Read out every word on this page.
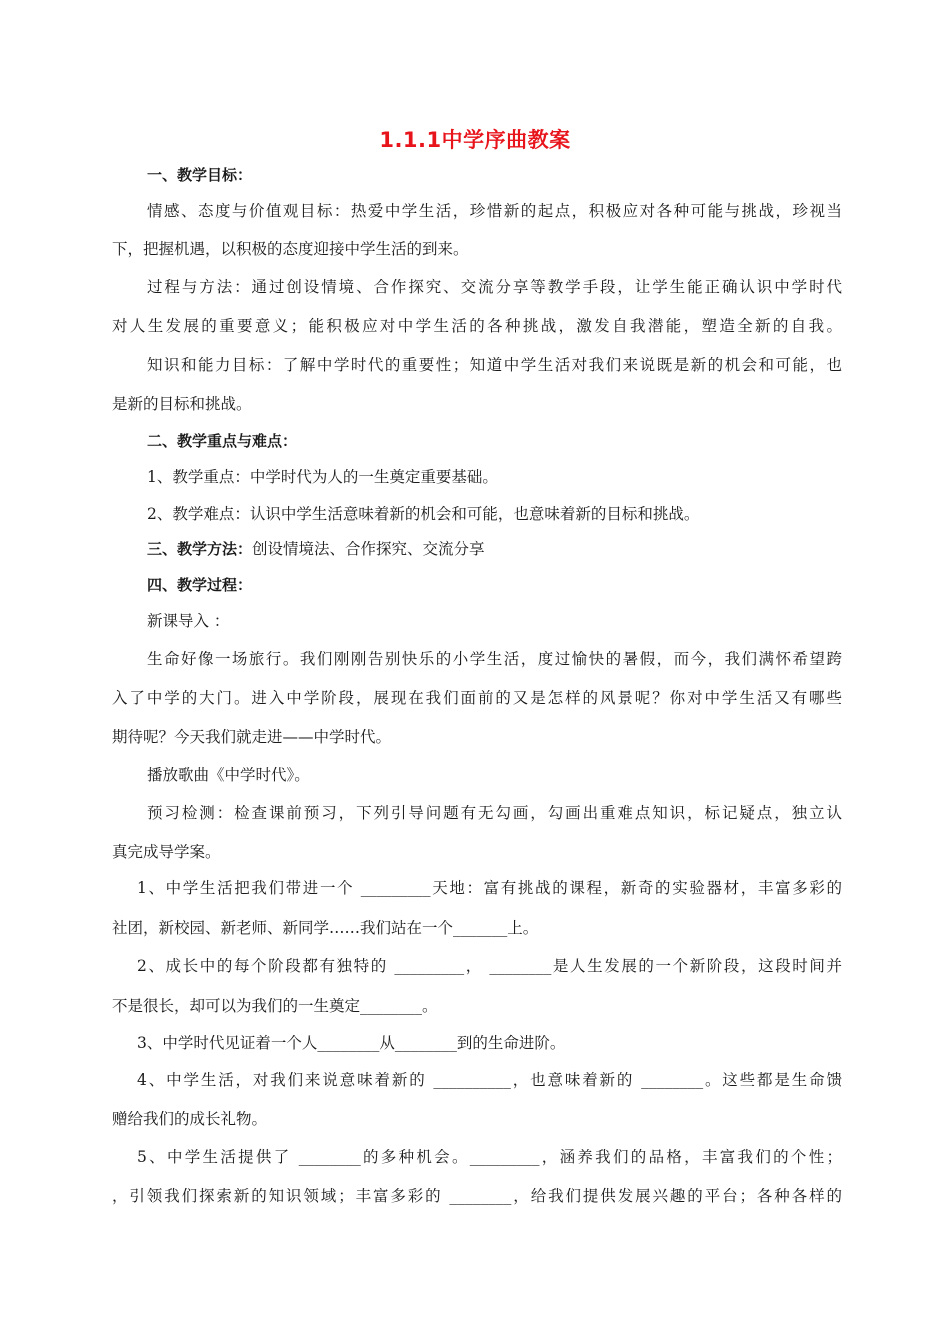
1.1.1中学序曲教案
一、教学目标：
情感、态度与价值观目标：热爱中学生活，珍惜新的起点，积极应对各种可能与挑战，珍视当
下，把握机遇，以积极的态度迎接中学生活的到来。
过程与方法：通过创设情境、合作探究、交流分享等教学手段，让学生能正确认识中学时代
对人生发展的重要意义；能积极应对中学生活的各种挑战，激发自我潜能，塑造全新的自我。
知识和能力目标：了解中学时代的重要性；知道中学生活对我们来说既是新的机会和可能，也
是新的目标和挑战。
二、教学重点与难点：
1、教学重点：中学时代为人的一生奠定重要基础。
2、教学难点：认识中学生活意味着新的机会和可能，也意味着新的目标和挑战。
三、教学方法：创设情境法、合作探究、交流分享
四、教学过程：
新课导入 ：
生命好像一场旅行。我们刚刚告别快乐的小学生活，度过愉快的暑假，而今，我们满怀希望跨
入了中学的大门。进入中学阶段，展现在我们面前的又是怎样的风景呢？你对中学生活又有哪些
期待呢？今天我们就走进——中学时代。
播放歌曲《中学时代》。
预习检测：检查课前预习，下列引导问题有无勾画，勾画出重难点知识，标记疑点，独立认
真完成导学案。
1、中学生活把我们带进一个 _________天地：富有挑战的课程，新奇的实验器材，丰富多彩的
社团，新校园、新老师、新同学……我们站在一个_______上。
2、成长中的每个阶段都有独特的 _________， ________是人生发展的一个新阶段，这段时间并
不是很长，却可以为我们的一生奠定________。
3、中学时代见证着一个人________从________到的生命进阶。
4、中学生活，对我们来说意味着新的 __________，也意味着新的 ________。这些都是生命馈
赠给我们的成长礼物。
5、中学生活提供了 ________的多种机会。_________，涵养我们的品格，丰富我们的个性；
，引领我们探索新的知识领域；丰富多彩的 ________，给我们提供发展兴趣的平台；各种各样的
